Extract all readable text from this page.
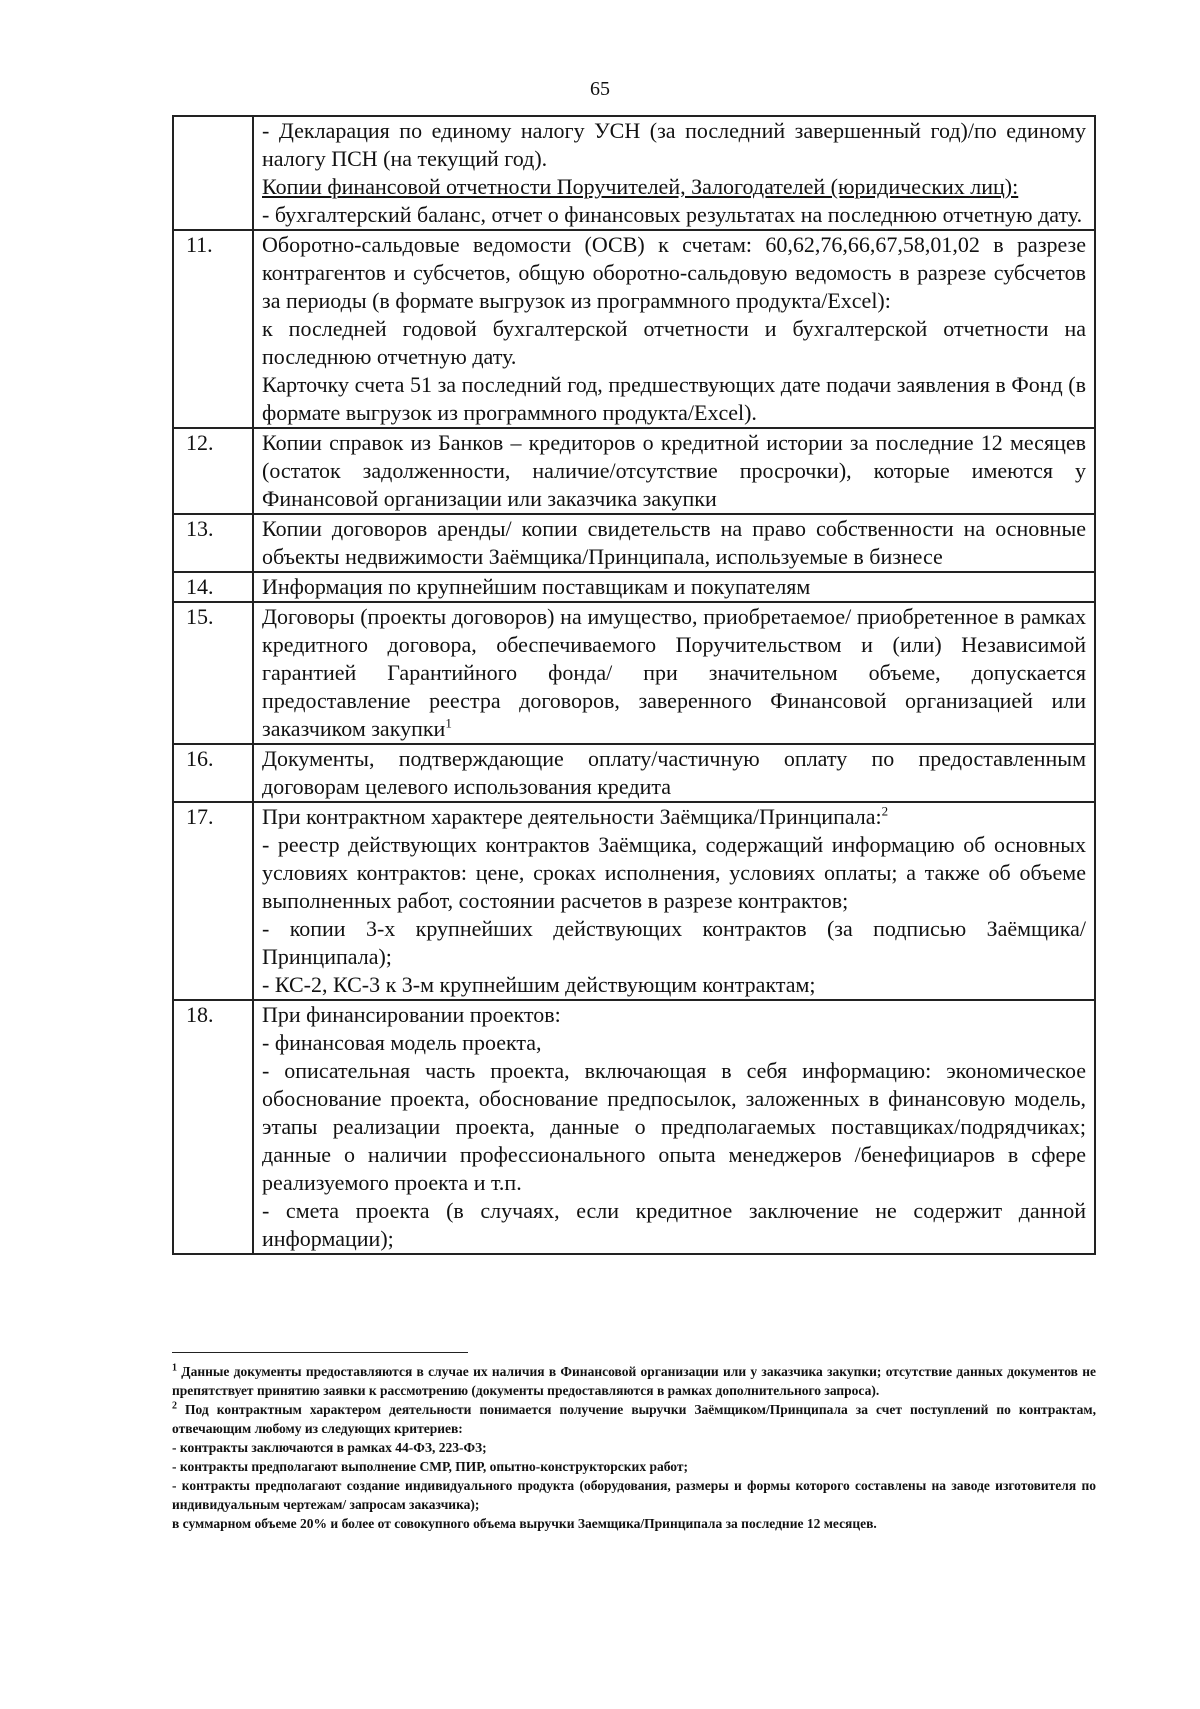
65

	- Декларация по единому налогу УСН (за последний завершенный год)/по единому налогу ПСН (на текущий год).
Копии финансовой отчетности Поручителей, Залогодателей (юридических лиц):
- бухгалтерский баланс, отчет о финансовых результатах на последнюю отчетную дату.

11.	Оборотно-сальдовые ведомости (ОСВ) к счетам: 60,62,76,66,67,58,01,02 в разрезе контрагентов и субсчетов, общую оборотно-сальдовую ведомость в разрезе субсчетов за периоды (в формате выгрузок из программного продукта/Excel):
к последней годовой бухгалтерской отчетности и бухгалтерской отчетности на последнюю отчетную дату.
Карточку счета 51 за последний год, предшествующих дате подачи заявления в Фонд (в формате выгрузок из программного продукта/Excel).

12.	Копии справок из Банков – кредиторов о кредитной истории за последние 12 месяцев (остаток задолженности, наличие/отсутствие просрочки), которые имеются у Финансовой организации или заказчика закупки

13.	Копии договоров аренды/ копии свидетельств на право собственности на основные объекты недвижимости Заёмщика/Принципала, используемые в бизнесе

14.	Информация по крупнейшим поставщикам и покупателям

15.	Договоры (проекты договоров) на имущество, приобретаемое/ приобретенное в рамках кредитного договора, обеспечиваемого Поручительством и (или) Независимой гарантией Гарантийного фонда/ при значительном объеме, допускается предоставление реестра договоров, заверенного Финансовой организацией или заказчиком закупки$^1$

16.	Документы, подтверждающие оплату/частичную оплату по предоставленным договорам целевого использования кредита

17.	При контрактном характере деятельности Заёмщика/Принципала:$^2$
- реестр действующих контрактов Заёмщика, содержащий информацию об основных условиях контрактов: цене, сроках исполнения, условиях оплаты; а также об объеме выполненных работ, состоянии расчетов в разрезе контрактов;
- копии 3-х крупнейших действующих контрактов (за подписью Заёмщика/Принципала);
- КС-2, КС-3 к 3-м крупнейшим действующим контрактам;

18.	При финансировании проектов:
- финансовая модель проекта,
- описательная часть проекта, включающая в себя информацию: экономическое обоснование проекта, обоснование предпосылок, заложенных в финансовую модель, этапы реализации проекта, данные о предполагаемых поставщиках/подрядчиках; данные о наличии профессионального опыта менеджеров /бенефициаров в сфере реализуемого проекта и т.п.
- смета проекта (в случаях, если кредитное заключение не содержит данной информации);

$^1$ Данные документы предоставляются в случае их наличия в Финансовой организации или у заказчика закупки; отсутствие данных документов не препятствует принятию заявки к рассмотрению (документы предоставляются в рамках дополнительного запроса).

$^2$ Под контрактным характером деятельности понимается получение выручки Заёмщиком/Принципала за счет поступлений по контрактам, отвечающим любому из следующих критериев:

- контракты заключаются в рамках 44-ФЗ, 223-ФЗ;

- контракты предполагают выполнение СМР, ПИР, опытно-конструкторских работ;

- контракты предполагают создание индивидуального продукта (оборудования, размеры и формы которого составлены на заводе изготовителя по индивидуальным чертежам/ запросам заказчика);

в суммарном объеме 20% и более от совокупного объема выручки Заемщика/Принципала за последние 12 месяцев.
